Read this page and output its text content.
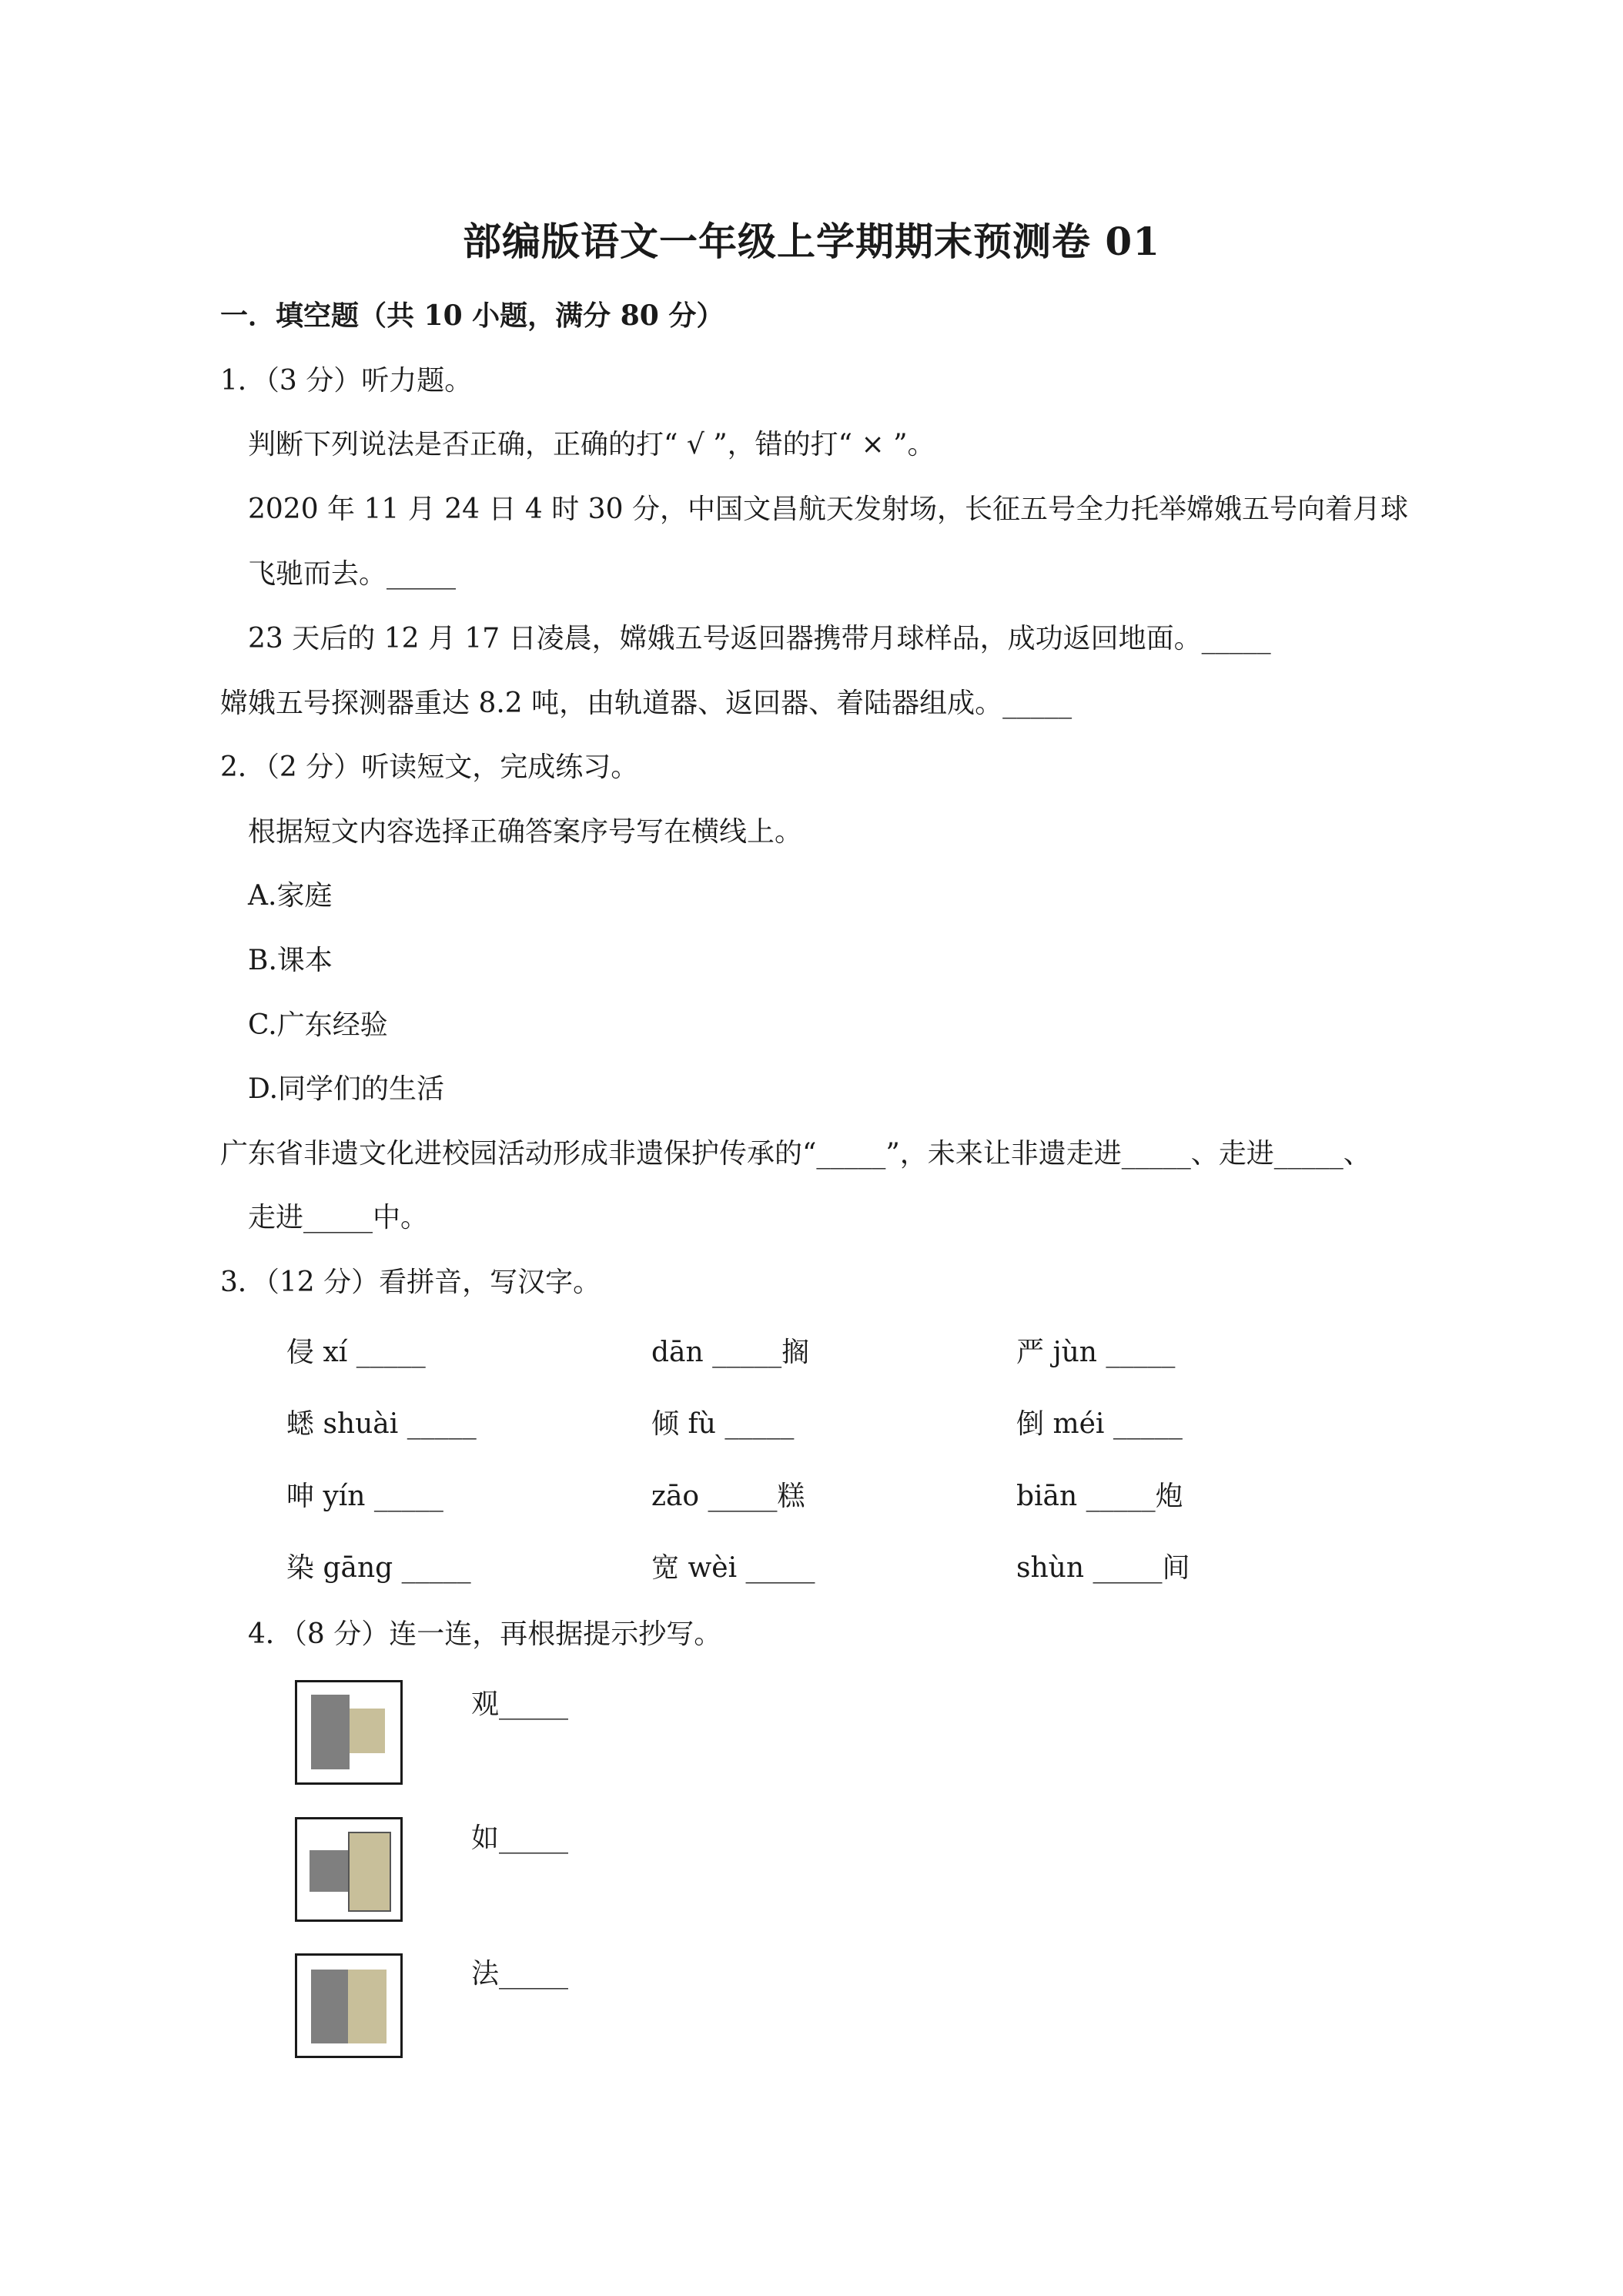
部编版语文一年级上学期期末预测卷 01
一．填空题（共 10 小题，满分 80 分）
1．（3 分）听力题。
判断下列说法是否正确，正确的打“ √ ”，错的打“ × ”。
2020 年 11 月 24 日 4 时 30 分，中国文昌航天发射场，长征五号全力托举嫦娥五号向着月球
飞驰而去。_____
23 天后的 12 月 17 日凌晨，嫦娥五号返回器携带月球样品，成功返回地面。_____
嫦娥五号探测器重达 8.2 吨，由轨道器、返回器、着陆器组成。_____
2．（2 分）听读短文，完成练习。
根据短文内容选择正确答案序号写在横线上。
A.家庭
B.课本
C.广东经验
D.同学们的生活
广东省非遗文化进校园活动形成非遗保护传承的“_____”，未来让非遗走进_____、走进_____、
走进_____中。
3．（12 分）看拼音，写汉字。
侵 xí _____	dān _____搁	严 jùn _____
蟋 shuài _____	倾 fù _____	倒 méi _____
呻 yín _____	zāo _____糕	biān _____炮
染 gāng _____	宽 wèi _____	shùn _____间
4．（8 分）连一连，再根据提示抄写。
观_____
如_____
法_____
